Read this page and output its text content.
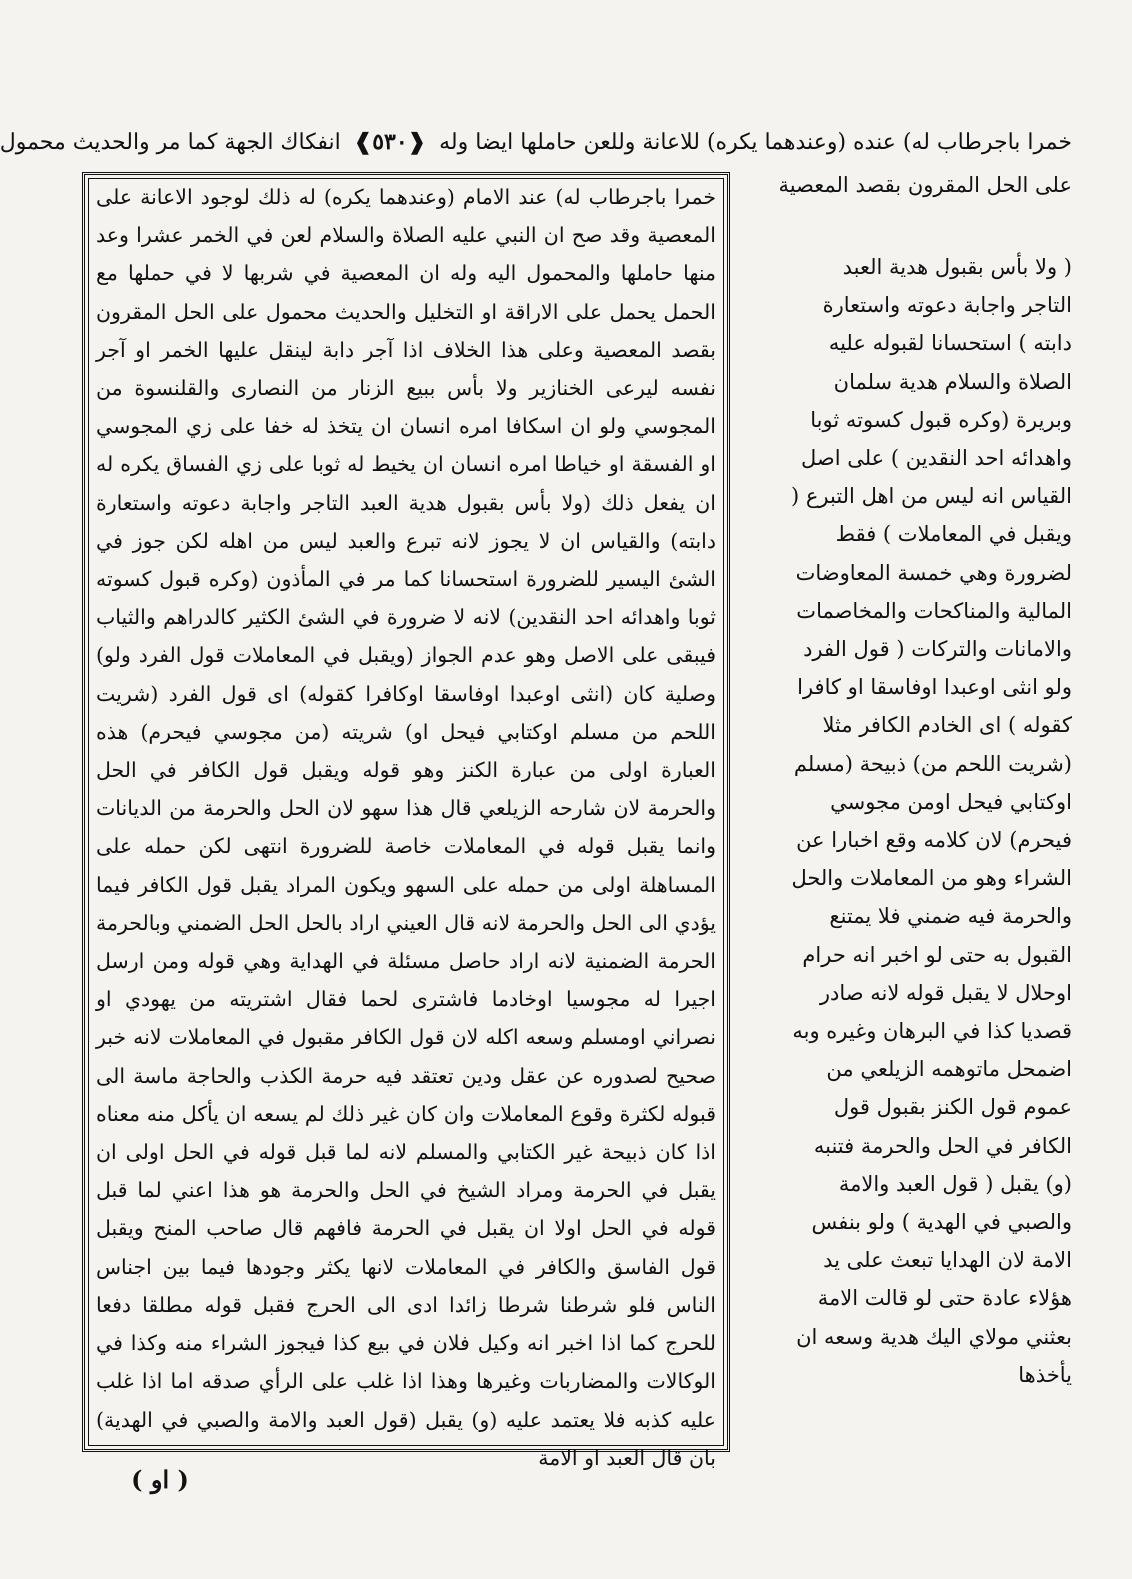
خمرا باجرطاب له) عنده (وعندهما يكره) للاعانة وللعن حاملها ايضا وله ❰٥٣٠❱ انفكاك الجهة كما مر والحديث محمول
على الحل المقرون بقصد المعصية

خمرا باجرطاب له) عند الامام (وعندهما يكره) له ذلك لوجود الاعانة على المعصية وقد صح ان النبي عليه الصلاة والسلام لعن في الخمر عشرا وعد منها حاملها والمحمول اليه وله ان المعصية في شربها لا في حملها مع الحمل يحمل على الاراقة او التخليل والحديث محمول على الحل المقرون بقصد المعصية وعلى هذا الخلاف اذا آجر دابة لينقل عليها الخمر او آجر نفسه ليرعى الخنازير ولا بأس ببيع الزنار من النصارى والقلنسوة من المجوسي ولو ان اسكافا امره انسان ان يتخذ له خفا على زي المجوسي او الفسقة او خياطا امره انسان ان يخيط له ثوبا على زي الفساق يكره له ان يفعل ذلك (ولا بأس بقبول هدية العبد التاجر واجابة دعوته واستعارة دابته) والقياس ان لا يجوز لانه تبرع والعبد ليس من اهله لكن جوز في الشئ اليسير للضرورة استحسانا كما مر في المأذون (وكره قبول كسوته ثوبا واهدائه احد النقدين) لانه لا ضرورة في الشئ الكثير كالدراهم والثياب فيبقى على الاصل وهو عدم الجواز (ويقبل في المعاملات قول الفرد ولو) وصلية كان (انثى اوعبدا اوفاسقا اوكافرا كقوله) اى قول الفرد (شريت اللحم من مسلم اوكتابي فيحل او) شريته (من مجوسي فيحرم) هذه العبارة اولى من عبارة الكنز وهو قوله ويقبل قول الكافر في الحل والحرمة لان شارحه الزيلعي قال هذا سهو لان الحل والحرمة من الديانات وانما يقبل قوله في المعاملات خاصة للضرورة انتهى لكن حمله على المساهلة اولى من حمله على السهو ويكون المراد يقبل قول الكافر فيما يؤدي الى الحل والحرمة لانه قال العيني اراد بالحل الحل الضمني وبالحرمة الحرمة الضمنية لانه اراد حاصل مسئلة في الهداية وهي قوله ومن ارسل اجيرا له مجوسيا اوخادما فاشترى لحما فقال اشتريته من يهودي او نصراني اومسلم وسعه اكله لان قول الكافر مقبول في المعاملات لانه خبر صحيح لصدوره عن عقل ودين تعتقد فيه حرمة الكذب والحاجة ماسة الى قبوله لكثرة وقوع المعاملات وان كان غير ذلك لم يسعه ان يأكل منه معناه اذا كان ذبيحة غير الكتابي والمسلم لانه لما قبل قوله في الحل اولى ان يقبل في الحرمة ومراد الشيخ في الحل والحرمة هو هذا اعني لما قبل قوله في الحل اولا ان يقبل في الحرمة فافهم قال صاحب المنح ويقبل قول الفاسق والكافر في المعاملات لانها يكثر وجودها فيما بين اجناس الناس فلو شرطنا شرطا زائدا ادى الى الحرج فقبل قوله مطلقا دفعا للحرج كما اذا اخبر انه وكيل فلان في بيع كذا فيجوز الشراء منه وكذا في الوكالات والمضاربات وغيرها وهذا اذا غلب على الرأي صدقه اما اذا غلب عليه كذبه فلا يعتمد عليه (و) يقبل (قول العبد والامة والصبي في الهدية) بان قال العبد او الامة

( ولا بأس بقبول هدية العبد التاجر واجابة دعوته واستعارة دابته ) استحسانا لقبوله عليه الصلاة والسلام هدية سلمان وبريرة (وكره قبول كسوته ثوبا واهدائه احد النقدين ) على اصل القياس انه ليس من اهل التبرع ( ويقبل في المعاملات ) فقط لضرورة وهي خمسة المعاوضات المالية والمناكحات والمخاصمات والامانات والتركات ( قول الفرد ولو انثى اوعبدا اوفاسقا او كافرا كقوله ) اى الخادم الكافر مثلا (شريت اللحم من) ذبيحة (مسلم اوكتابي فيحل اومن مجوسي فيحرم) لان كلامه وقع اخبارا عن الشراء وهو من المعاملات والحل والحرمة فيه ضمني فلا يمتنع القبول به حتى لو اخبر انه حرام اوحلال لا يقبل قوله لانه صادر قصديا كذا في البرهان وغيره وبه اضمحل ماتوهمه الزيلعي من عموم قول الكنز بقبول قول الكافر في الحل والحرمة فتنبه (و) يقبل ( قول العبد والامة والصبي في الهدية ) ولو بنفس الامة لان الهدايا تبعث على يد هؤلاء عادة حتى لو قالت الامة بعثني مولاي اليك هدية وسعه ان يأخذها

( او )
